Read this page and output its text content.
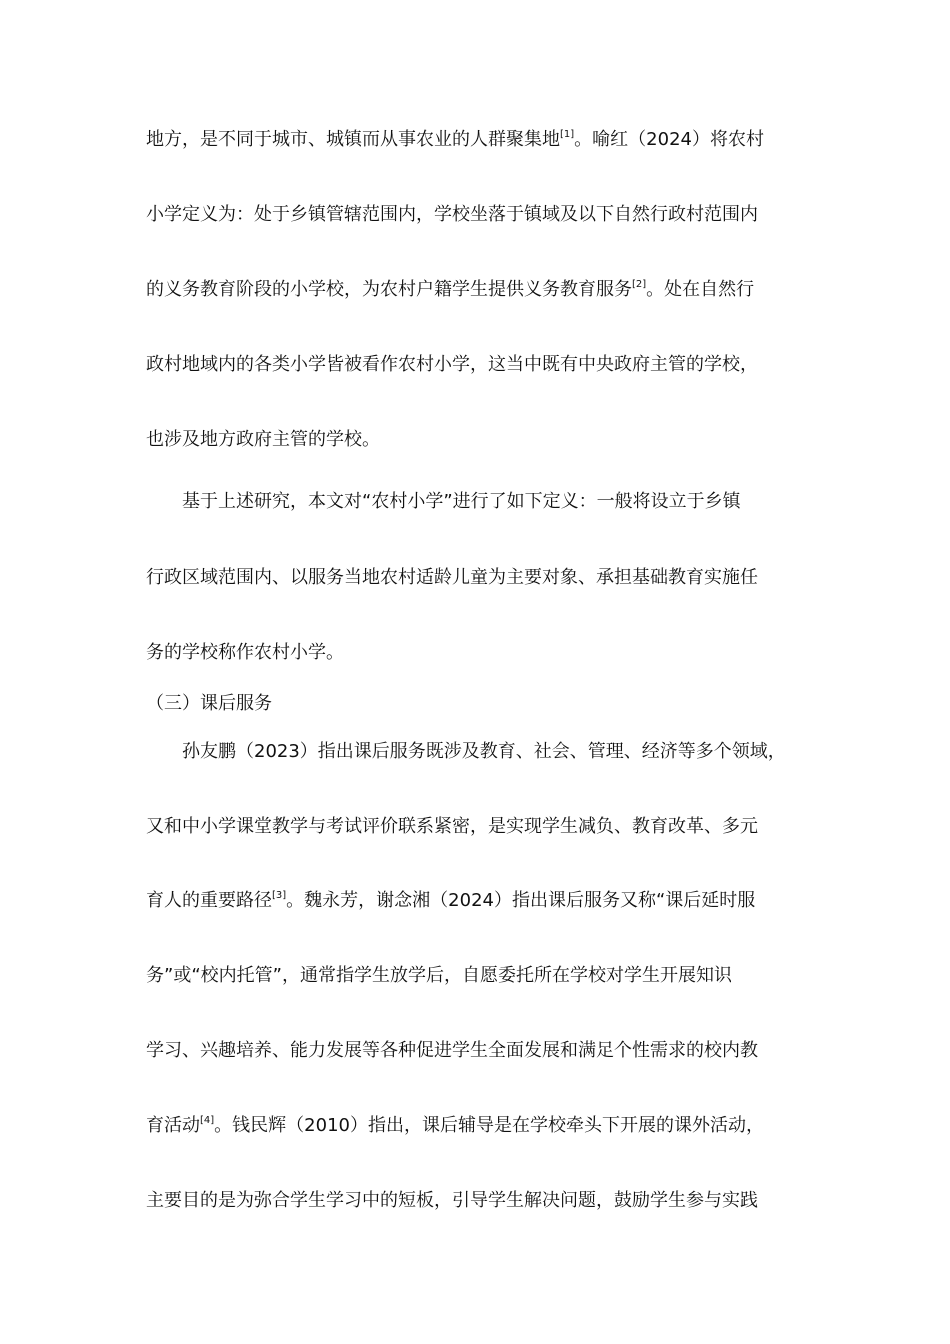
地方，是不同于城市、城镇而从事农业的人群聚集地[1]。喻红（2024）将农村
小学定义为：处于乡镇管辖范围内，学校坐落于镇域及以下自然行政村范围内
的义务教育阶段的小学校，为农村户籍学生提供义务教育服务[2]。处在自然行
政村地域内的各类小学皆被看作农村小学，这当中既有中央政府主管的学校，
也涉及地方政府主管的学校。
基于上述研究，本文对“农村小学”进行了如下定义：一般将设立于乡镇
行政区域范围内、以服务当地农村适龄儿童为主要对象、承担基础教育实施任
务的学校称作农村小学。
（三）课后服务
孙友鹏（2023）指出课后服务既涉及教育、社会、管理、经济等多个领域，
又和中小学课堂教学与考试评价联系紧密，是实现学生减负、教育改革、多元
育人的重要路径[3]。魏永芳，谢念湘（2024）指出课后服务又称“课后延时服
务”或“校内托管”，通常指学生放学后，自愿委托所在学校对学生开展知识
学习、兴趣培养、能力发展等各种促进学生全面发展和满足个性需求的校内教
育活动[4]。钱民辉（2010）指出，课后辅导是在学校牵头下开展的课外活动，
主要目的是为弥合学生学习中的短板，引导学生解决问题，鼓励学生参与实践
